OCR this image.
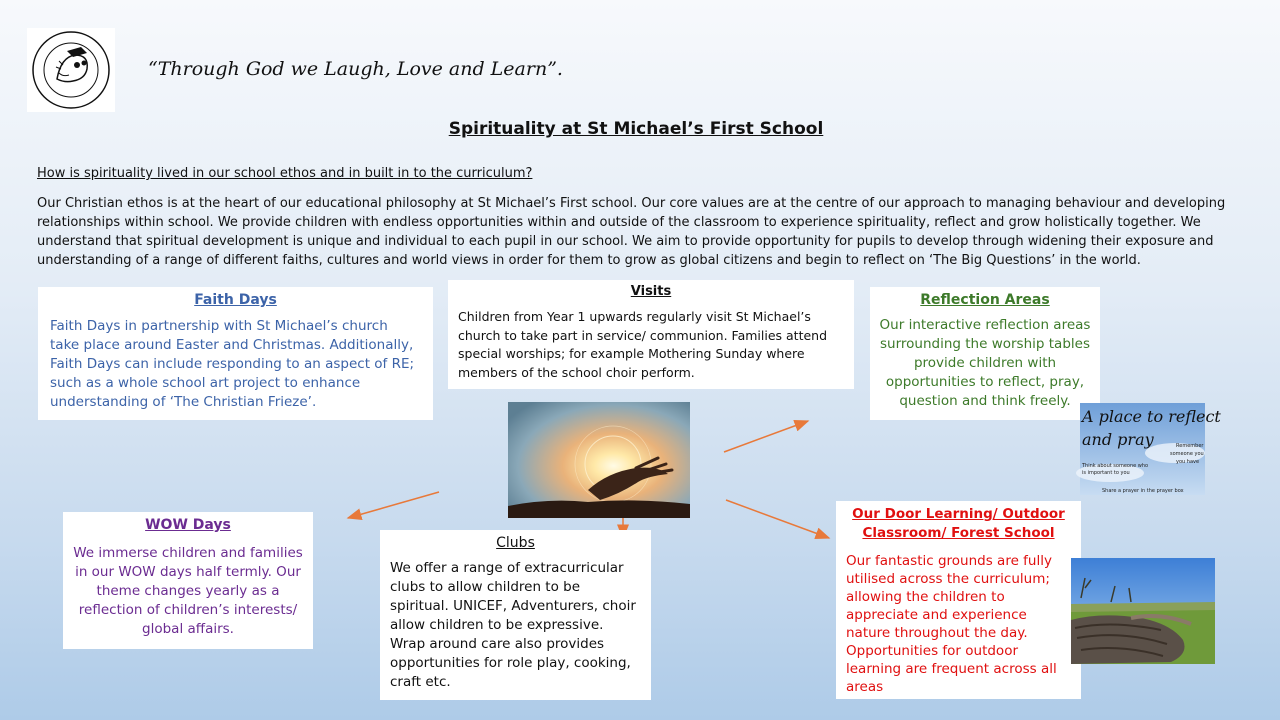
“Through God we Laugh, Love and Learn”.
Spirituality at St Michael’s First School
How is spirituality lived in our school ethos and in built in to the curriculum?
Our Christian ethos is at the heart of our educational philosophy at St Michael’s First school. Our core values are at the centre of our approach to managing behaviour and developing relationships within school. We provide children with endless opportunities within and outside of the classroom to experience spirituality, reflect and grow holistically together. We understand that spiritual development is unique and individual to each pupil in our school. We aim to provide opportunity for pupils to develop through widening their exposure and understanding of a range of different faiths, cultures and world views in order for them to grow as global citizens and begin to reflect on ‘The Big Questions’ in the world.
Faith Days

Faith Days in partnership with St Michael’s church take place around Easter and Christmas. Additionally, Faith Days can include responding to an aspect of RE; such as a whole school art project to enhance understanding of ‘The Christian Frieze’.

Visits

Children from Year 1 upwards regularly visit St Michael’s church to take part in service/ communion. Families attend special worships; for example Mothering Sunday where members of the school choir perform.

Reflection Areas

Our interactive reflection areas surrounding the worship tables provide children with opportunities to reflect, pray, question and think freely.

A place to reflect
and pray	Remember
someone you
you have
Think about someone who
is important to you
Share a prayer in the prayer box
WOW Days

We immerse children and families in our WOW days half termly. Our theme changes yearly as a reflection of children’s interests/ global affairs.

Clubs

We offer a range of extracurricular clubs to allow children to be spiritual. UNICEF, Adventurers, choir allow children to be expressive. Wrap around care also provides opportunities for role play, cooking, craft etc.

Our Door Learning/ Outdoor Classroom/ Forest School

Our fantastic grounds are fully utilised across the curriculum; allowing the children to appreciate and experience nature throughout the day. Opportunities for outdoor learning are frequent across all areas
